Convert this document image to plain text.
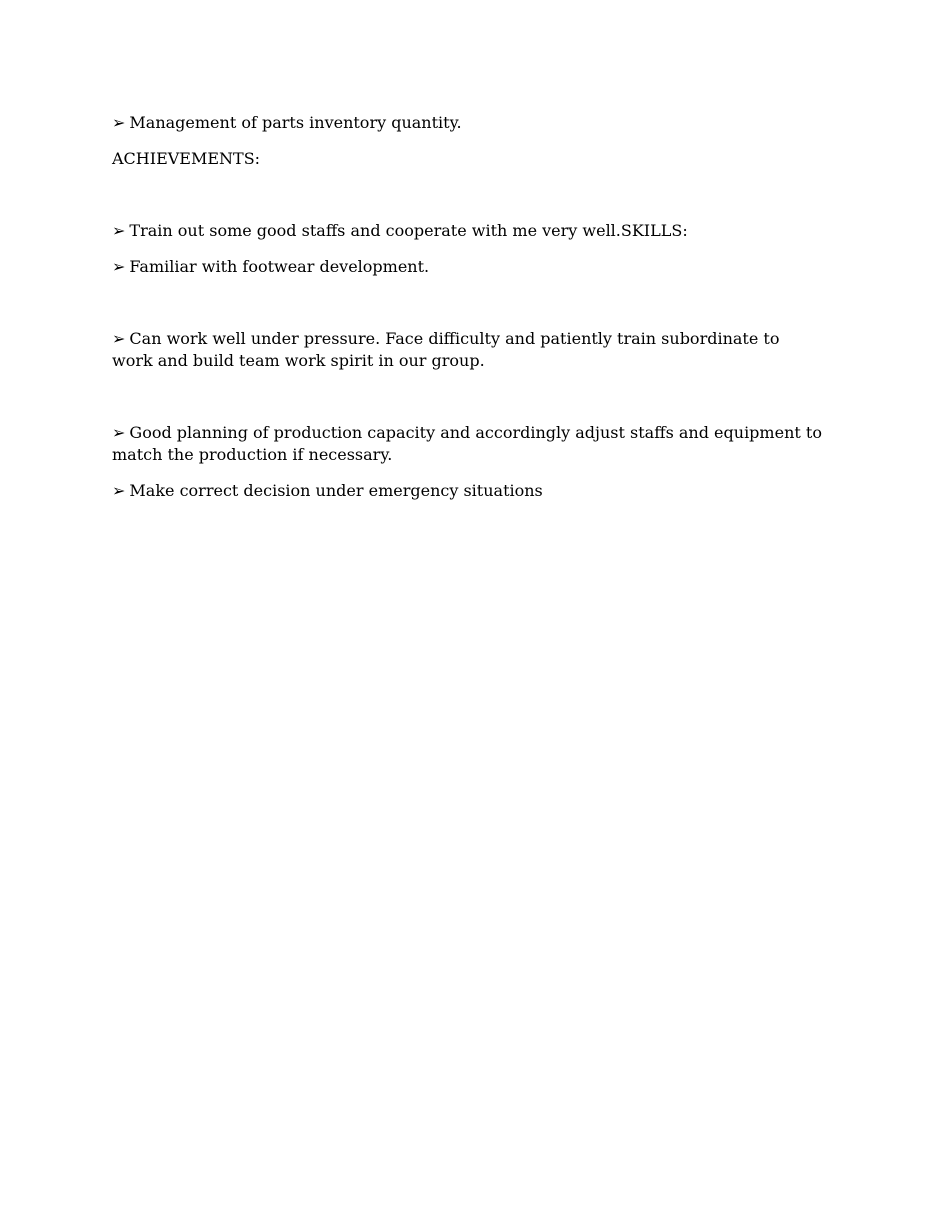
➢ Management of parts inventory quantity.

ACHIEVEMENTS:

➢ Train out some good staffs and cooperate with me very well.SKILLS:

➢ Familiar with footwear development.

➢ Can work well under pressure. Face difficulty and patiently train subordinate to work and build team work spirit in our group.

➢ Good planning of production capacity and accordingly adjust staffs and equipment to match the production if necessary.

➢ Make correct decision under emergency situations
